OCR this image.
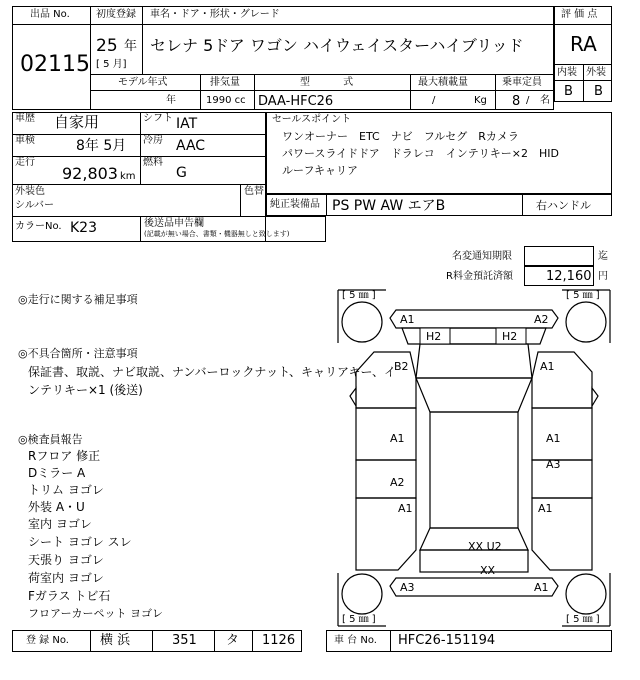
出品 No.
02115
初度登録
25 年
[ 5 月]
車名・ドア・形状・グレード
セレナ 5ドア ワゴン ハイウェイスターハイブリッド
評 価 点
RA
内装 外装
B B
モデル年式
年
排気量
1990 cc
型 式
DAA-HFC26
最大積載量
/	Kg
乗車定員
8 / 名
車歴 自家用
車検	8年 5月
走行
92,803 km
シフト IAT
冷房 AAC
燃料
G
外装色
シルバー
色替
カラーNo. K23	後送品申告欄
(記載が無い場合、書類・機器無しと致します)
セールスポイント
ワンオーナー　ETC　ナビ　フルセグ　Rカメラ
パワースライドドア　ドラレコ　インテリキー×2　HID
ルーフキャリア
純正装備品 PS PW AW エアB	右ハンドル
名変通知期限	迄
R料金預託済額	12,160 円
◎走行に関する補足事項
◎不具合箇所・注意事項
保証書、取説、ナビ取説、ナンバーロックナット、キャリアキー、イ
ンテリキー×1 (後送)
◎検査員報告
Rフロア 修正
Dミラー A
トリム ヨゴレ
外装 A・U
室内 ヨゴレ
シート ヨゴレ スレ
天張り ヨゴレ
荷室内 ヨゴレ
Fガラス トビ石
フロアーカーペット ヨゴレ
[ 5 ㎜ ]	[ 5 ㎜ ]
[ 5 ㎜ ]	[ 5 ㎜ ]
A1	A2
H2	H2
B2	A1
A1	A1
A3
A2
A1	A1
XX U2
XX
A3	A1
登 録 No. 横 浜	351 タ 1126	車 台 No. HFC26-151194
